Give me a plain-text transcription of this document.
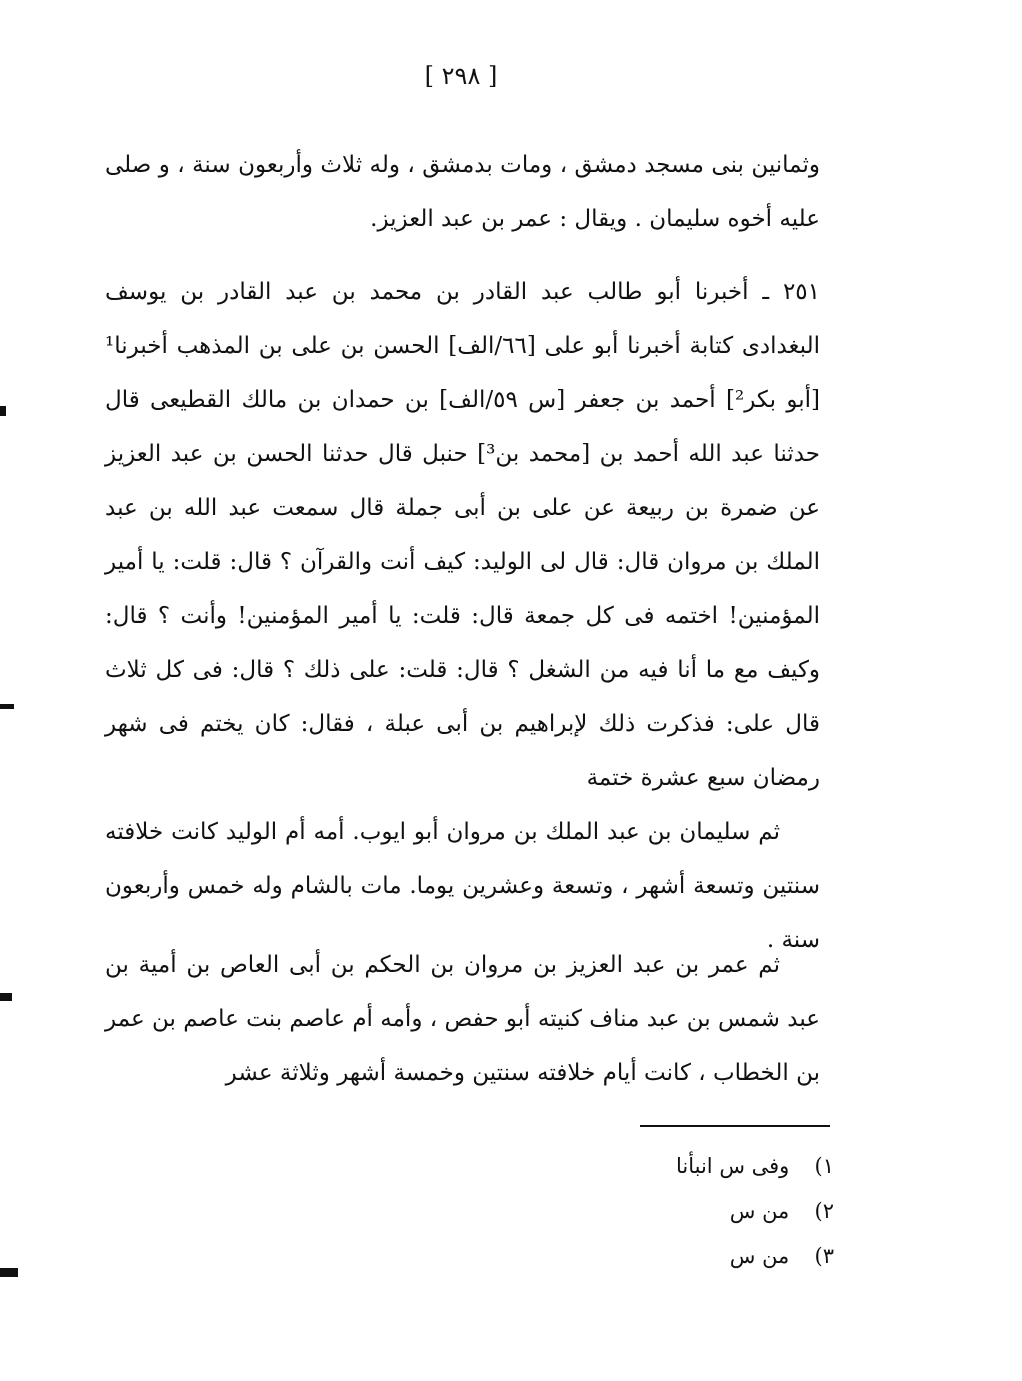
[ ٢٩٨ ]

وثمانين بنى مسجد دمشق ، ومات بدمشق ، وله ثلاث وأربعون سنة ، و صلى عليه أخوه سليمان . ويقال : عمر بن عبد العزيز.

٢٥١ ـ أخبرنا أبو طالب عبد القادر بن محمد بن عبد القادر بن يوسف البغدادى كتابة أخبرنا أبو على [٦٦/الف] الحسن بن على بن المذهب أخبرنا¹ [أبو بكر²] أحمد بن جعفر [س ٥٩/الف] بن حمدان بن مالك القطيعى قال حدثنا عبد الله أحمد بن [محمد بن³] حنبل قال حدثنا الحسن بن عبد العزيز عن ضمرة بن ربيعة عن على بن أبى جملة قال سمعت عبد الله بن عبد الملك بن مروان قال: قال لى الوليد: كيف أنت والقرآن ؟ قال: قلت: يا أمير المؤمنين! اختمه فى كل جمعة قال: قلت: يا أمير المؤمنين! وأنت ؟ قال: وكيف مع ما أنا فيه من الشغل ؟ قال: قلت: على ذلك ؟ قال: فى كل ثلاث قال على: فذكرت ذلك لإبراهيم بن أبى عبلة ، فقال: كان يختم فى شهر رمضان سبع عشرة ختمة

ثم سليمان بن عبد الملك بن مروان أبو ايوب. أمه أم الوليد كانت خلافته سنتين وتسعة أشهر ، وتسعة وعشرين يوما. مات بالشام وله خمس وأربعون سنة .

ثم عمر بن عبد العزيز بن مروان بن الحكم بن أبى العاص بن أمية بن عبد شمس بن عبد مناف كنيته أبو حفص ، وأمه أم عاصم بنت عاصم بن عمر بن الخطاب ، كانت أيام خلافته سنتين وخمسة أشهر وثلاثة عشر

١) وفى س انبأنا
٢) من س
٣) من س
